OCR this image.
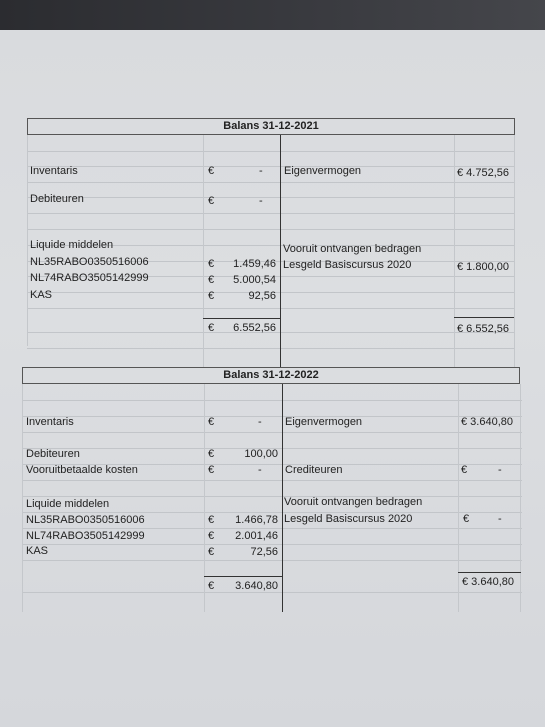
Balans 31-12-2021
Inventaris	€	- Eigenvermogen	€ 4.752,56
Debiteuren	€	-
Liquide middelen	Vooruit ontvangen bedragen
NL35RABO0350516006	€	1.459,46 Lesgeld Basiscursus 2020	€ 1.800,00
NL74RABO3505142999	€	5.000,54
KAS	€	92,56
€	6.552,56	€ 6.552,56
Balans 31-12-2022
Inventaris	€	- Eigenvermogen	€ 3.640,80
Debiteuren	€	100,00
Vooruitbetaalde kosten	€	- Crediteuren	€	-
Liquide middelen	Vooruit ontvangen bedragen
NL35RABO0350516006	€	1.466,78 Lesgeld Basiscursus 2020	€	-
NL74RABO3505142999	€	2.001,46
KAS	€	72,56
€	3.640,80	€ 3.640,80
